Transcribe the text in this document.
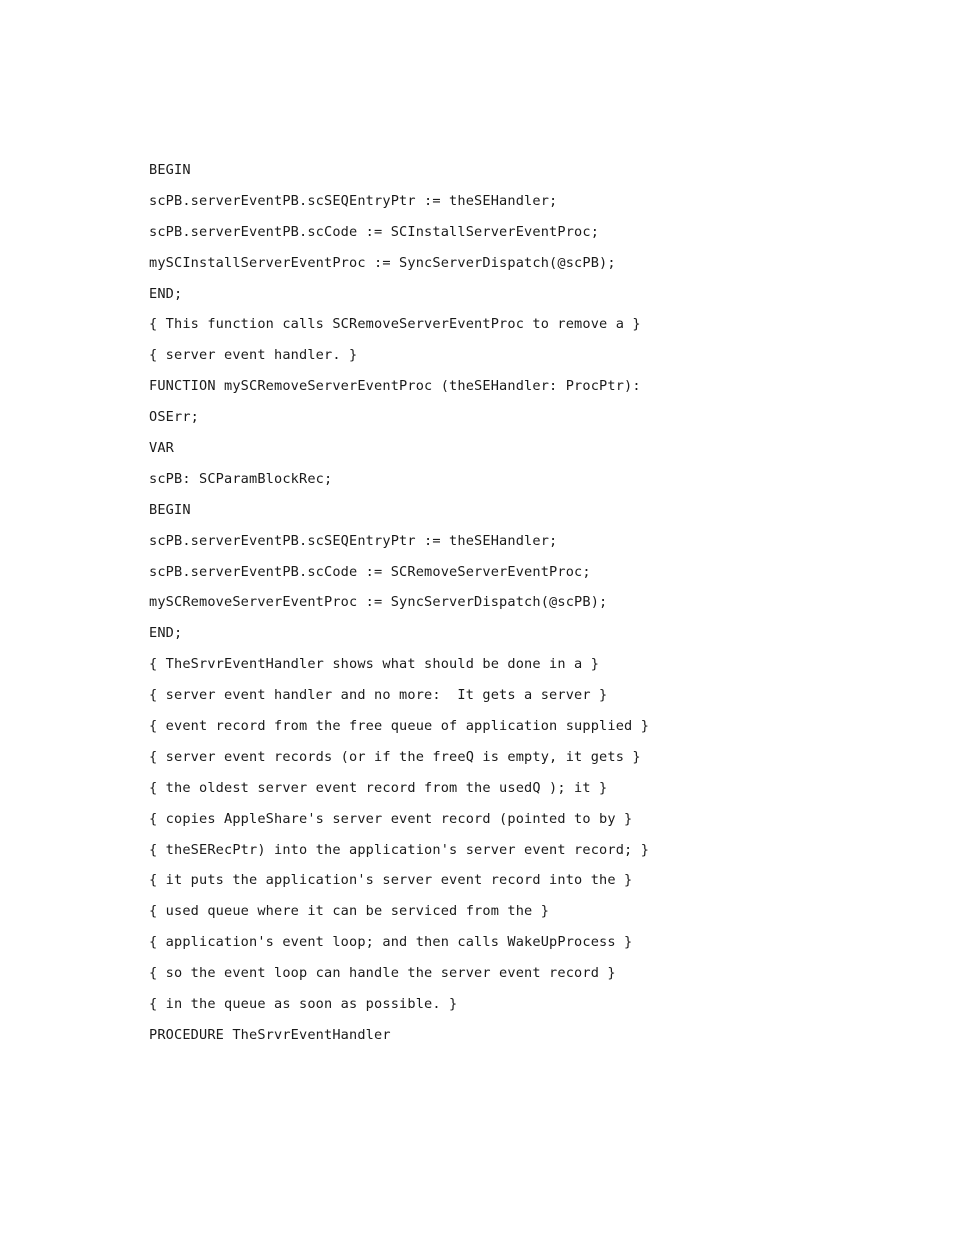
BEGIN
scPB.serverEventPB.scSEQEntryPtr := theSEHandler;
scPB.serverEventPB.scCode := SCInstallServerEventProc;
mySCInstallServerEventProc := SyncServerDispatch(@scPB);
END;
{ This function calls SCRemoveServerEventProc to remove a }
{ server event handler. }
FUNCTION mySCRemoveServerEventProc (theSEHandler: ProcPtr):
OSErr;
VAR
scPB: SCParamBlockRec;
BEGIN
scPB.serverEventPB.scSEQEntryPtr := theSEHandler;
scPB.serverEventPB.scCode := SCRemoveServerEventProc;
mySCRemoveServerEventProc := SyncServerDispatch(@scPB);
END;
{ TheSrvrEventHandler shows what should be done in a }
{ server event handler and no more:  It gets a server }
{ event record from the free queue of application supplied }
{ server event records (or if the freeQ is empty, it gets }
{ the oldest server event record from the usedQ ); it }
{ copies AppleShare's server event record (pointed to by }
{ theSERecPtr) into the application's server event record; }
{ it puts the application's server event record into the }
{ used queue where it can be serviced from the }
{ application's event loop; and then calls WakeUpProcess }
{ so the event loop can handle the server event record }
{ in the queue as soon as possible. }
PROCEDURE TheSrvrEventHandler
